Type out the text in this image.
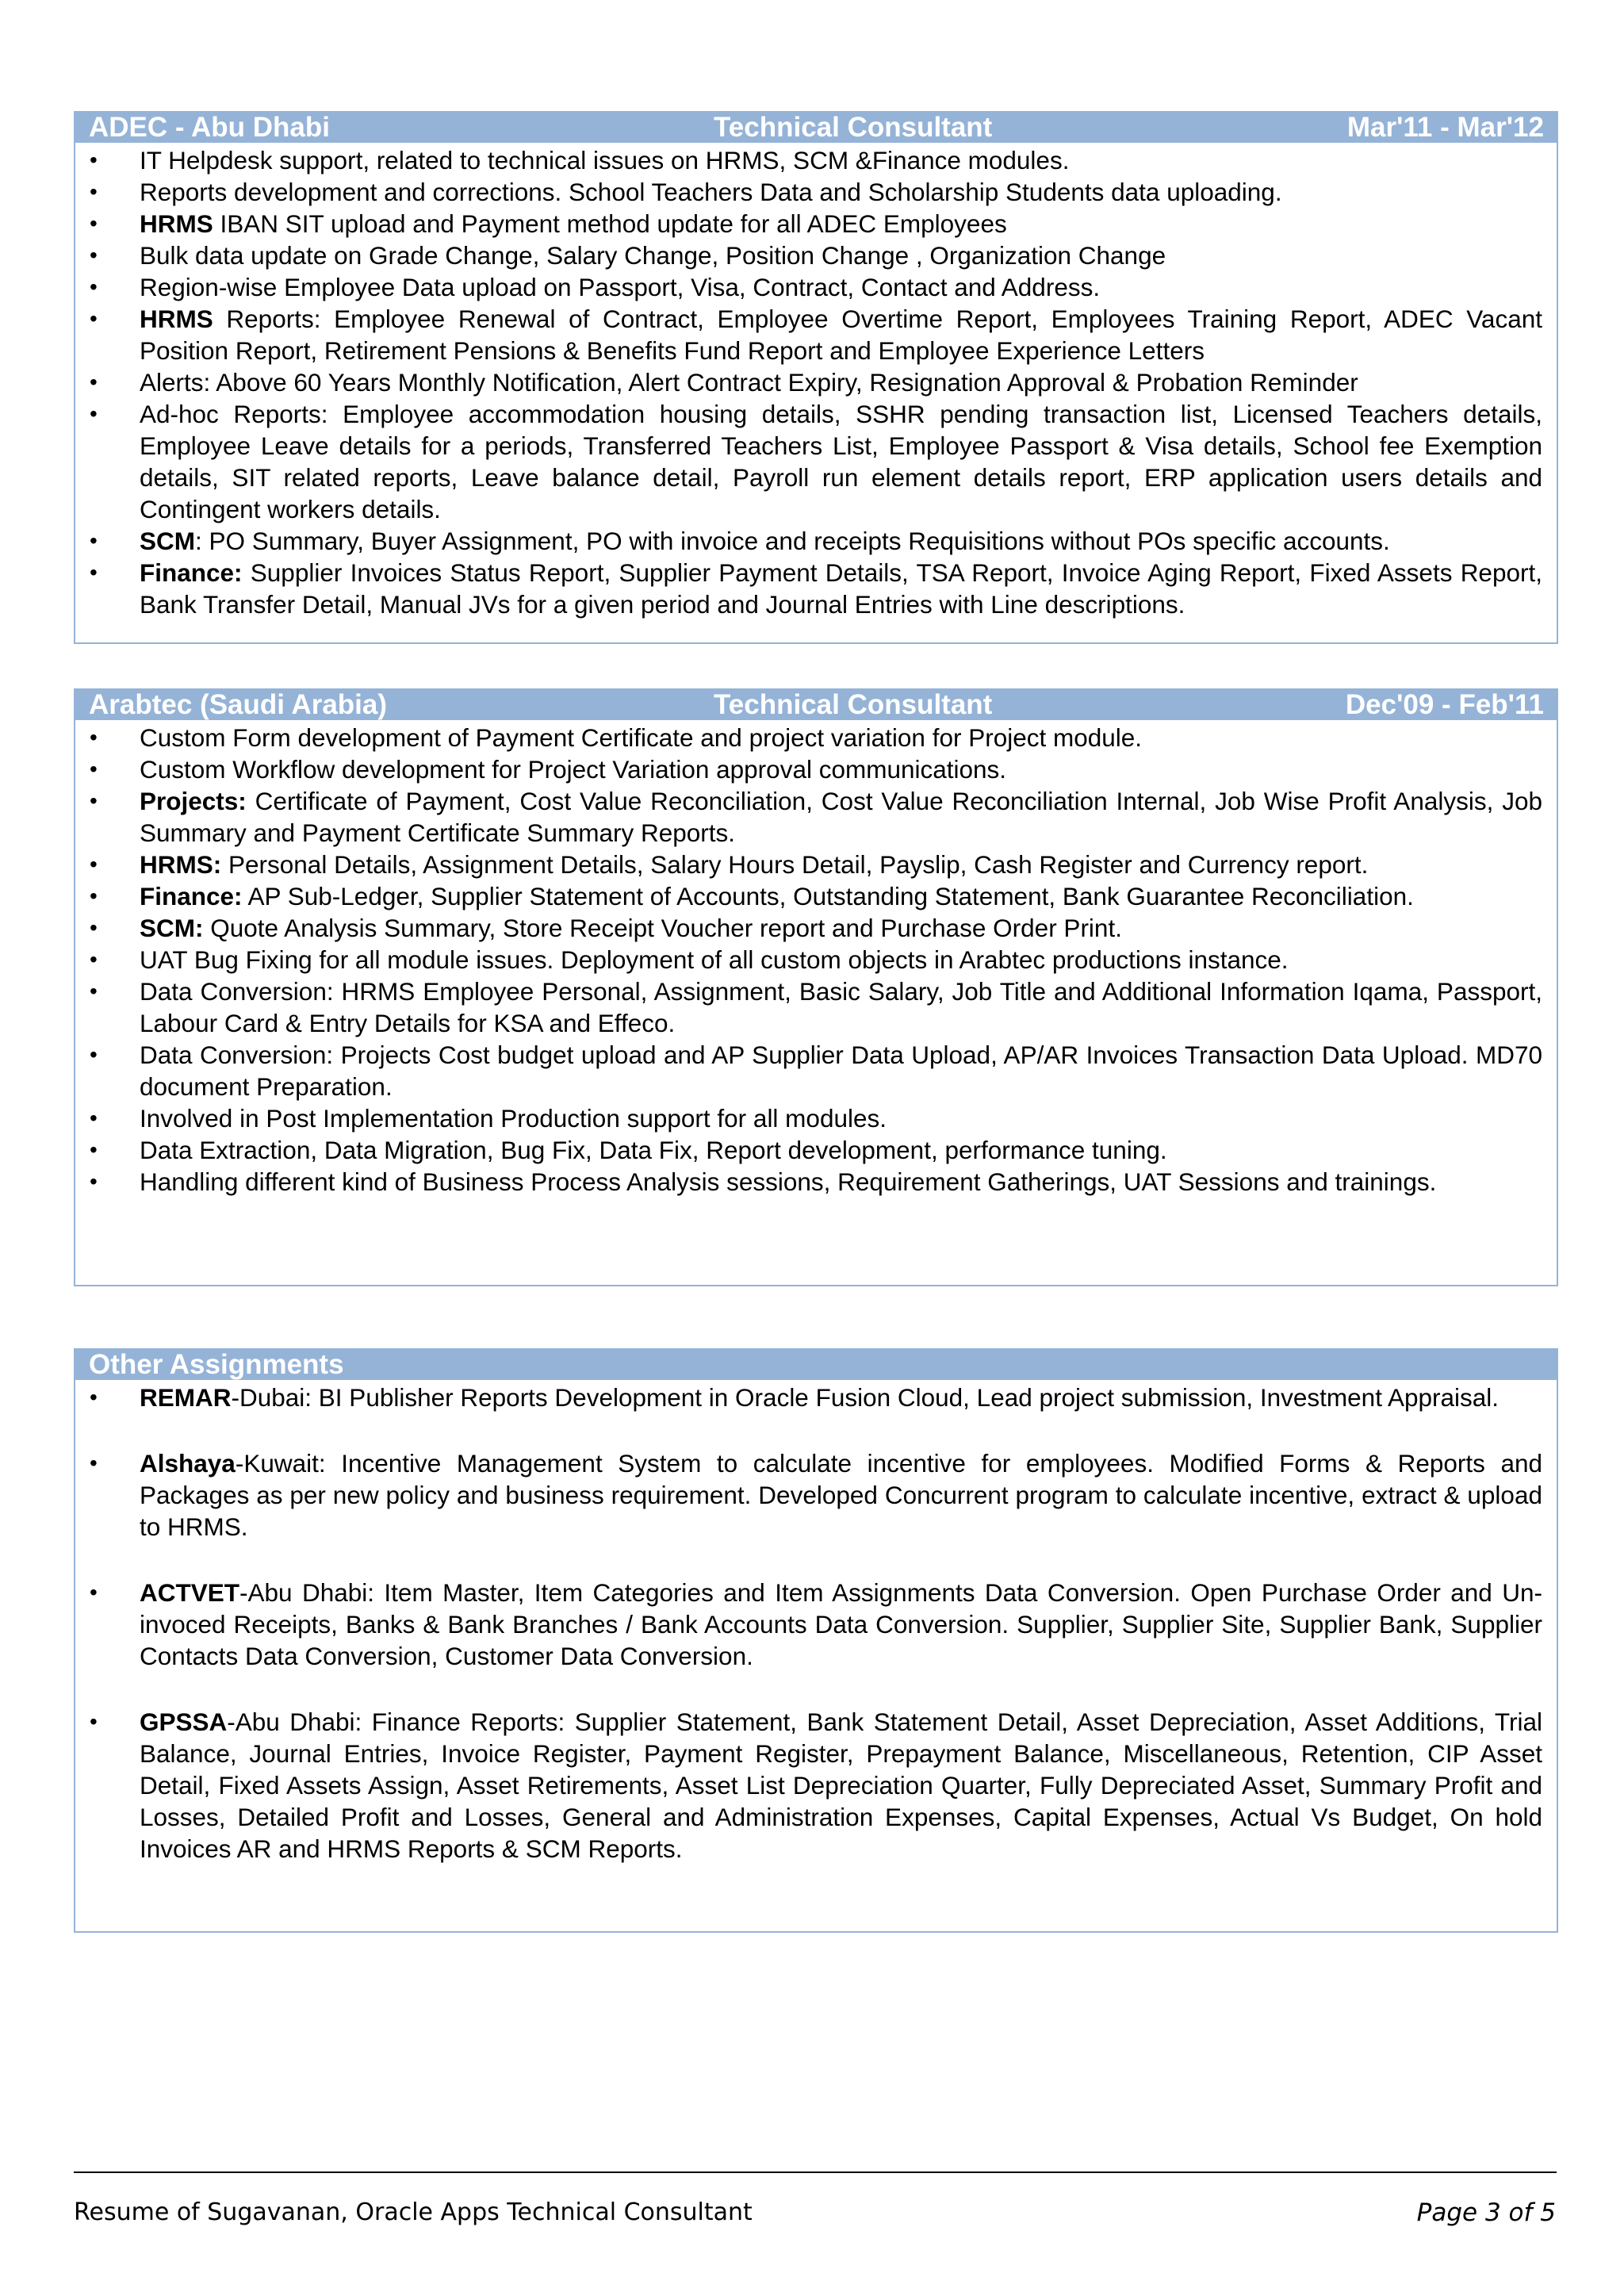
ADEC - Abu Dhabi	Technical Consultant	Mar'11 - Mar'12
• IT Helpdesk support, related to technical issues on HRMS, SCM &Finance modules.
• Reports development and corrections. School Teachers Data and Scholarship Students data uploading.
• HRMS IBAN SIT upload and Payment method update for all ADEC Employees
• Bulk data update on Grade Change, Salary Change, Position Change , Organization Change
• Region-wise Employee Data upload on Passport, Visa, Contract, Contact and Address.
• HRMS Reports: Employee Renewal of Contract, Employee Overtime Report, Employees Training Report, ADEC Vacant Position Report, Retirement Pensions & Benefits Fund Report and Employee Experience Letters
• Alerts: Above 60 Years Monthly Notification, Alert Contract Expiry, Resignation Approval & Probation Reminder
• Ad-hoc Reports: Employee accommodation housing details, SSHR pending transaction list, Licensed Teachers details, Employee Leave details for a periods, Transferred Teachers List, Employee Passport & Visa details, School fee Exemption details, SIT related reports, Leave balance detail, Payroll run element details report, ERP application users details and Contingent workers details.
• SCM: PO Summary, Buyer Assignment, PO with invoice and receipts Requisitions without POs specific accounts.
• Finance: Supplier Invoices Status Report, Supplier Payment Details, TSA Report, Invoice Aging Report, Fixed Assets Report, Bank Transfer Detail, Manual JVs for a given period and Journal Entries with Line descriptions.
Arabtec (Saudi Arabia)	Technical Consultant	Dec'09 - Feb'11
• Custom Form development of Payment Certificate and project variation for Project module.
• Custom Workflow development for Project Variation approval communications.
• Projects: Certificate of Payment, Cost Value Reconciliation, Cost Value Reconciliation Internal, Job Wise Profit Analysis, Job Summary and Payment Certificate Summary Reports.
• HRMS: Personal Details, Assignment Details, Salary Hours Detail, Payslip, Cash Register and Currency report.
• Finance: AP Sub-Ledger, Supplier Statement of Accounts, Outstanding Statement, Bank Guarantee Reconciliation.
• SCM: Quote Analysis Summary, Store Receipt Voucher report and Purchase Order Print.
• UAT Bug Fixing for all module issues. Deployment of all custom objects in Arabtec productions instance.
• Data Conversion: HRMS Employee Personal, Assignment, Basic Salary, Job Title and Additional Information Iqama, Passport, Labour Card & Entry Details for KSA and Effeco.
• Data Conversion: Projects Cost budget upload and AP Supplier Data Upload, AP/AR Invoices Transaction Data Upload. MD70 document Preparation.
• Involved in Post Implementation Production support for all modules.
• Data Extraction, Data Migration, Bug Fix, Data Fix, Report development, performance tuning.
• Handling different kind of Business Process Analysis sessions, Requirement Gatherings, UAT Sessions and trainings.
Other Assignments
• REMAR-Dubai: BI Publisher Reports Development in Oracle Fusion Cloud, Lead project submission, Investment Appraisal.
• Alshaya-Kuwait: Incentive Management System to calculate incentive for employees. Modified Forms & Reports and Packages as per new policy and business requirement. Developed Concurrent program to calculate incentive, extract & upload to HRMS.
• ACTVET-Abu Dhabi: Item Master, Item Categories and Item Assignments Data Conversion. Open Purchase Order and Un-invoced Receipts, Banks & Bank Branches / Bank Accounts Data Conversion. Supplier, Supplier Site, Supplier Bank, Supplier Contacts Data Conversion, Customer Data Conversion.
• GPSSA-Abu Dhabi: Finance Reports: Supplier Statement, Bank Statement Detail, Asset Depreciation, Asset Additions, Trial Balance, Journal Entries, Invoice Register, Payment Register, Prepayment Balance, Miscellaneous, Retention, CIP Asset Detail, Fixed Assets Assign, Asset Retirements, Asset List Depreciation Quarter, Fully Depreciated Asset, Summary Profit and Losses, Detailed Profit and Losses, General and Administration Expenses, Capital Expenses, Actual Vs Budget, On hold Invoices AR and HRMS Reports & SCM Reports.
Resume of Sugavanan, Oracle Apps Technical Consultant	Page 3 of 5
